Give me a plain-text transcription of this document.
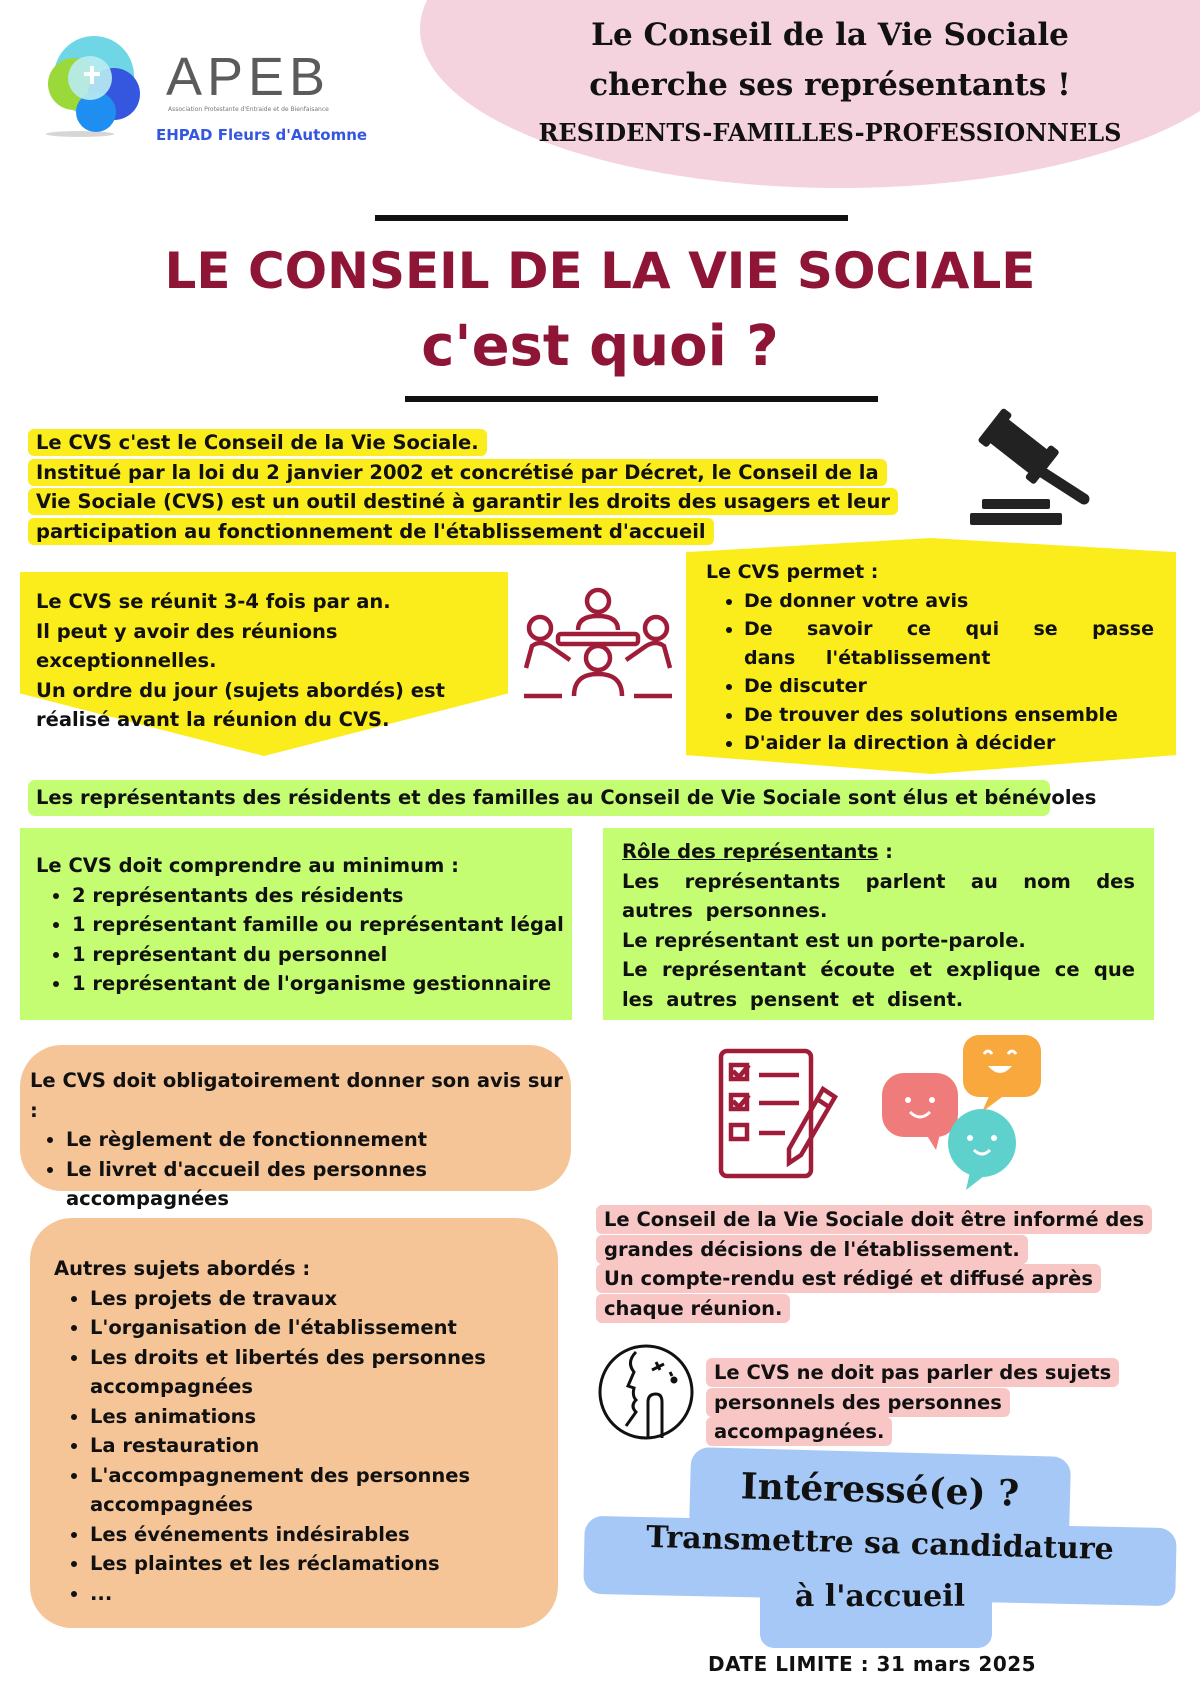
APEB
Association Protestante d'Entraide et de Bienfaisance
EHPAD Fleurs d'Automne
Le Conseil de la Vie Sociale
cherche ses représentants !
RESIDENTS-FAMILLES-PROFESSIONNELS
LE CONSEIL DE LA VIE SOCIALE
c'est quoi ?
Le CVS c'est le Conseil de la Vie Sociale.
Institué par la loi du 2 janvier 2002 et concrétisé par Décret, le Conseil de la Vie Sociale (CVS) est un outil destiné à garantir les droits des usagers et leur participation au fonctionnement de l'établissement d'accueil
Le CVS se réunit 3-4 fois par an.
Il peut y avoir des réunions exceptionnelles.
Un ordre du jour (sujets abordés) est réalisé avant la réunion du CVS.
Le CVS permet :
• De donner votre avis
• De savoir ce qui se passe dans l'établissement
• De discuter
• De trouver des solutions ensemble
• D'aider la direction à décider
Les représentants des résidents et des familles au Conseil de Vie Sociale sont élus et bénévoles
Le CVS doit comprendre au minimum :
• 2 représentants des résidents
• 1 représentant famille ou représentant légal
• 1 représentant du personnel
• 1 représentant de l'organisme gestionnaire
Rôle des représentants :
Les représentants parlent au nom des autres personnes.
Le représentant est un porte-parole.
Le représentant écoute et explique ce que les autres pensent et disent.
Le CVS doit obligatoirement donner son avis sur :
• Le règlement de fonctionnement
• Le livret d'accueil des personnes accompagnées
•
Autres sujets abordés :
• Les projets de travaux
• L'organisation de l'établissement
• Les droits et libertés des personnes accompagnées
• Les animations
• La restauration
• L'accompagnement des personnes accompagnées
• Les événements indésirables
• Les plaintes et les réclamations
• ...
Le Conseil de la Vie Sociale doit être informé des grandes décisions de l'établissement.
Un compte-rendu est rédigé et diffusé après chaque réunion.
Le CVS ne doit pas parler des sujets personnels des personnes accompagnées.
Intéressé(e) ?
Transmettre sa candidature
à l'accueil
DATE LIMITE : 31 mars 2025
